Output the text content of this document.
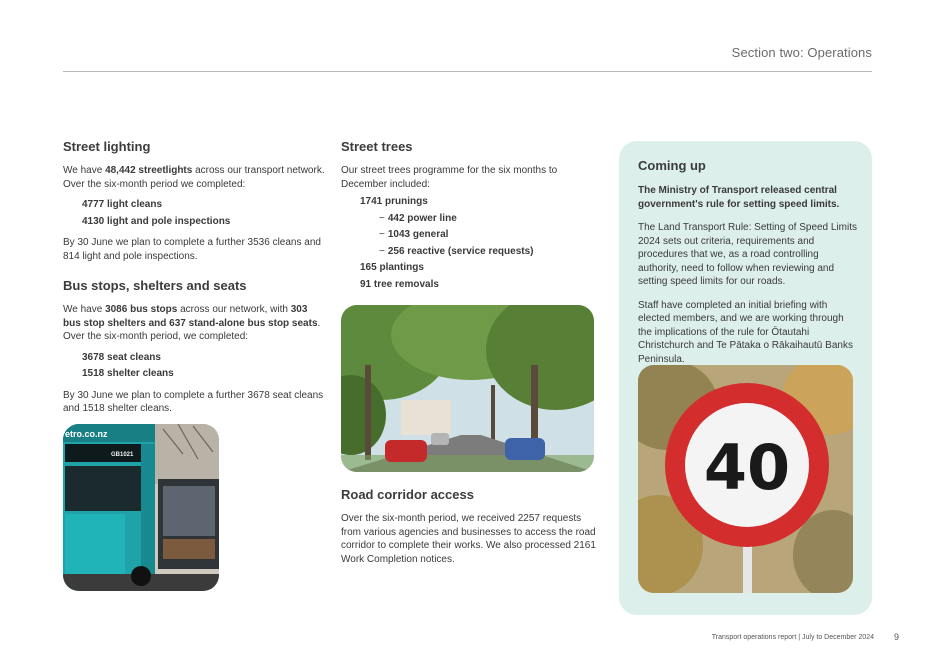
Section two: Operations
Street lighting

We have 48,442 streetlights across our transport network. Over the six-month period we completed:

4777 light cleans
4130 light and pole inspections

By 30 June we plan to complete a further 3536 cleans and 814 light and pole inspections.

Bus stops, shelters and seats

We have 3086 bus stops across our network, with 303 bus stop shelters and 637 stand-alone bus stop seats. Over the six-month period, we completed:

3678 seat cleans
1518 shelter cleans

By 30 June we plan to complete a further 3678 seat cleans and 1518 shelter cleans.

etro.co.nz
GB1021
Street trees

Our street trees programme for the six months to December included:

1741 prunings
− 442 power line
− 1043 general
− 256 reactive (service requests)
165 plantings
91 tree removals
Road corridor access

Over the six-month period, we received 2257 requests from various agencies and businesses to access the road corridor to complete their works. We also processed 2161 Work Completion notices.

Coming up

The Ministry of Transport released central government's rule for setting speed limits.

The Land Transport Rule: Setting of Speed Limits 2024 sets out criteria, requirements and procedures that we, as a road controlling authority, need to follow when reviewing and setting speed limits for our roads.

Staff have completed an initial briefing with elected members, and we are working through the implications of the rule for Ōtautahi Christchurch and Te Pātaka o Rākaihautū Banks Peninsula.

40
Transport operations report | July to December 2024 9
